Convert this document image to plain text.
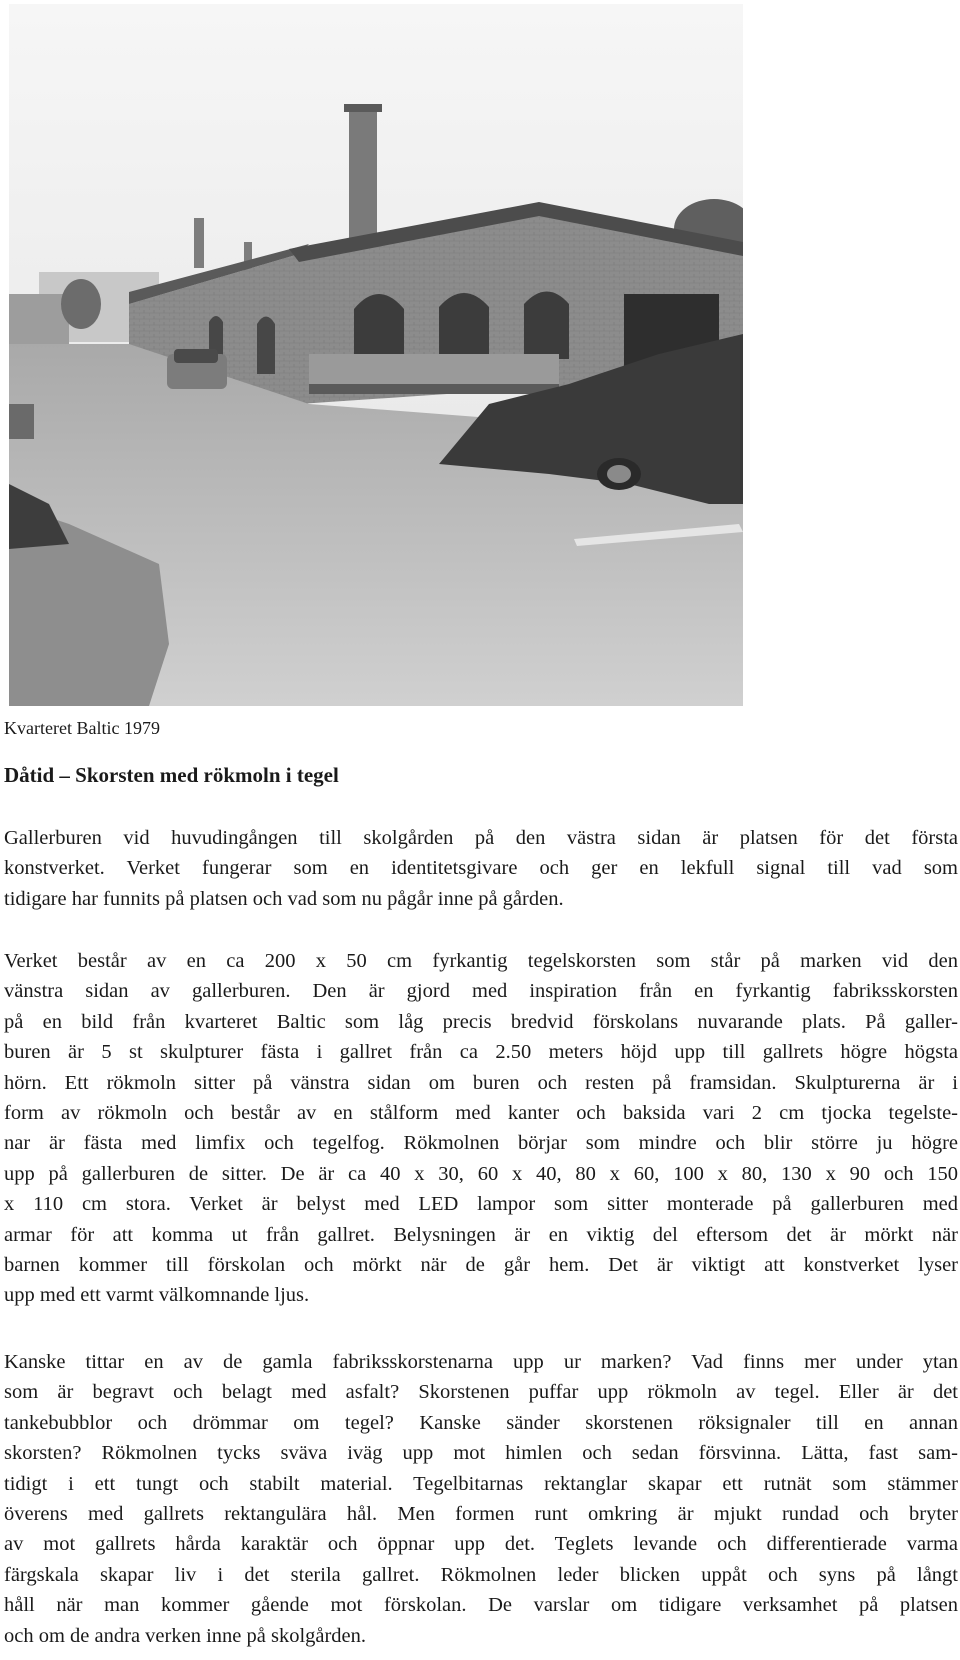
Kvarteret Baltic 1979

Dåtid – Skorsten med rökmoln i tegel

Gallerburen vid huvudingången till skolgården på den västra sidan är platsen för det första
konstverket. Verket fungerar som en identitetsgivare och ger en lekfull signal till vad som
tidigare har funnits på platsen och vad som nu pågår inne på gården.

Verket består av en ca 200 x 50 cm fyrkantig tegelskorsten som står på marken vid den
vänstra sidan av gallerburen. Den är gjord med inspiration från en fyrkantig fabriksskorsten
på en bild från kvarteret Baltic som låg precis bredvid förskolans nuvarande plats. På galler-
buren är 5 st skulpturer fästa i gallret från ca 2.50 meters höjd upp till gallrets högre högsta
hörn. Ett rökmoln sitter på vänstra sidan om buren och resten på framsidan. Skulpturerna är i
form av rökmoln och består av en stålform med kanter och baksida vari 2 cm tjocka tegelste-
nar är fästa med limfix och tegelfog. Rökmolnen börjar som mindre och blir större ju högre
upp på gallerburen de sitter. De är ca 40 x 30, 60 x 40, 80 x 60, 100 x 80, 130 x 90 och 150
x 110 cm stora. Verket är belyst med LED lampor som sitter monterade på gallerburen med
armar för att komma ut från gallret. Belysningen är en viktig del eftersom det är mörkt när
barnen kommer till förskolan och mörkt när de går hem. Det är viktigt att konstverket lyser
upp med ett varmt välkomnande ljus.

Kanske tittar en av de gamla fabriksskorstenarna upp ur marken? Vad finns mer under ytan
som är begravt och belagt med asfalt? Skorstenen puffar upp rökmoln av tegel. Eller är det
tankebubblor och drömmar om tegel? Kanske sänder skorstenen röksignaler till en annan
skorsten? Rökmolnen tycks sväva iväg upp mot himlen och sedan försvinna. Lätta, fast sam-
tidigt i ett tungt och stabilt material. Tegelbitarnas rektanglar skapar ett rutnät som stämmer
överens med gallrets rektangulära hål. Men formen runt omkring är mjukt rundad och bryter
av mot gallrets hårda karaktär och öppnar upp det. Teglets levande och differentierade varma
färgskala skapar liv i det sterila gallret. Rökmolnen leder blicken uppåt och syns på långt
håll när man kommer gående mot förskolan. De varslar om tidigare verksamhet på platsen
och om de andra verken inne på skolgården.
